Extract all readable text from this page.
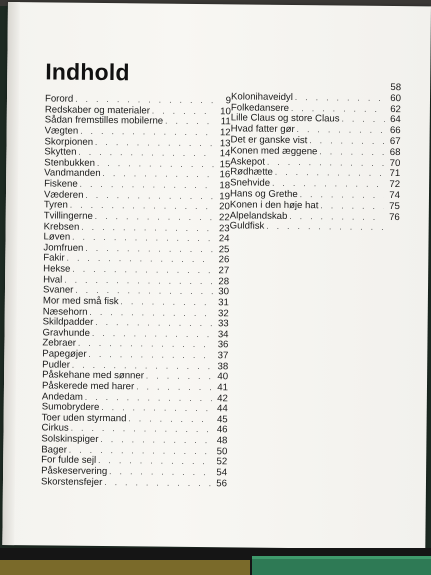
Indhold
Forord . . .	9
Redskaber og materialer . . .	10
Sådan fremstilles mobilerne . . .	11
Vægten . . .	12
Skorpionen . . .	13
Skytten . . .	14
Stenbukken . . .	15
Vandmanden . . .	16
Fiskene . . .	18
Væderen . . .	19
Tyren . . .	20
Tvillingerne . . .	22
Krebsen . . .	23
Løven . . .	24
Jomfruen . . .	25
Fakir . . .	26
Hekse . . .	27
Hval . . .	28
Svaner . . .	30
Mor med små fisk . . .	31
Næsehorn . . .	32
Skildpadder . . .	33
Gravhunde . . .	34
Zebraer . . .	36
Papegøjer . . .	37
Pudler . . .	38
Påskehane med sønner . . .	40
Påskerede med harer . . .	41
Andedam . . .	42
Sumobrydere . . .	44
Toer uden styrmand . . .	45
Cirkus . . .	46
Solskinspiger . . .	48
Bager . . .	50
For fulde sejl . . .	52
Påskeservering . . .	54
Skorstensfejer . . .	56
58
Kolonihaveidyl . . .	60
Folkedansere . . .	62
Lille Claus og store Claus . . .	64
Hvad fatter gør . . .	66
Det er ganske vist . . .	67
Konen med æggene . . .	68
Askepot . . .	70
Rødhætte . . .	71
Snehvide . . .	72
Hans og Grethe . . .	74
Konen i den høje hat . . .	75
Alpelandskab . . .	76
Guldfisk
. . .
